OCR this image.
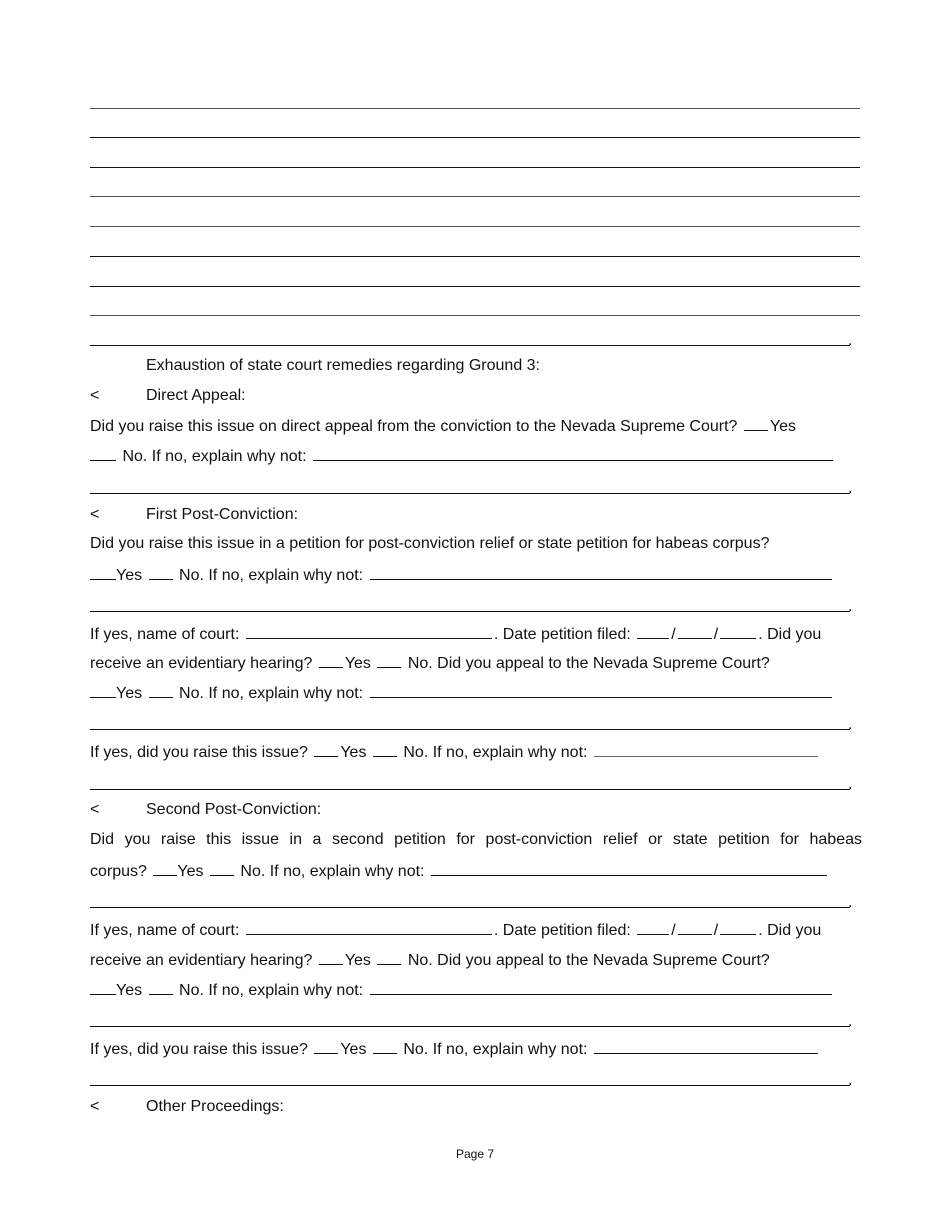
.
Exhaustion of state court remedies regarding Ground 3:
<	Direct Appeal:
Did you raise this issue on direct appeal from the conviction to the Nevada Supreme Court? Yes
No. If no, explain why not:
.
<	First Post-Conviction:
Did you raise this issue in a petition for post-conviction relief or state petition for habeas corpus?
Yes No. If no, explain why not:
.
If yes, name of court:	. Date petition filed:	/ /	. Did you
receive an evidentiary hearing? Yes No. Did you appeal to the Nevada Supreme Court?
Yes No. If no, explain why not:
.
If yes, did you raise this issue? Yes No. If no, explain why not:
.
<	Second Post-Conviction:
Did you raise this issue in a second petition for post-conviction relief or state petition for habeas
corpus? Yes No. If no, explain why not:
.
If yes, name of court:	. Date petition filed:	/ /	. Did you
receive an evidentiary hearing? Yes No. Did you appeal to the Nevada Supreme Court?
Yes No. If no, explain why not:
.
If yes, did you raise this issue? Yes No. If no, explain why not:
.
<	Other Proceedings:
Page 7
